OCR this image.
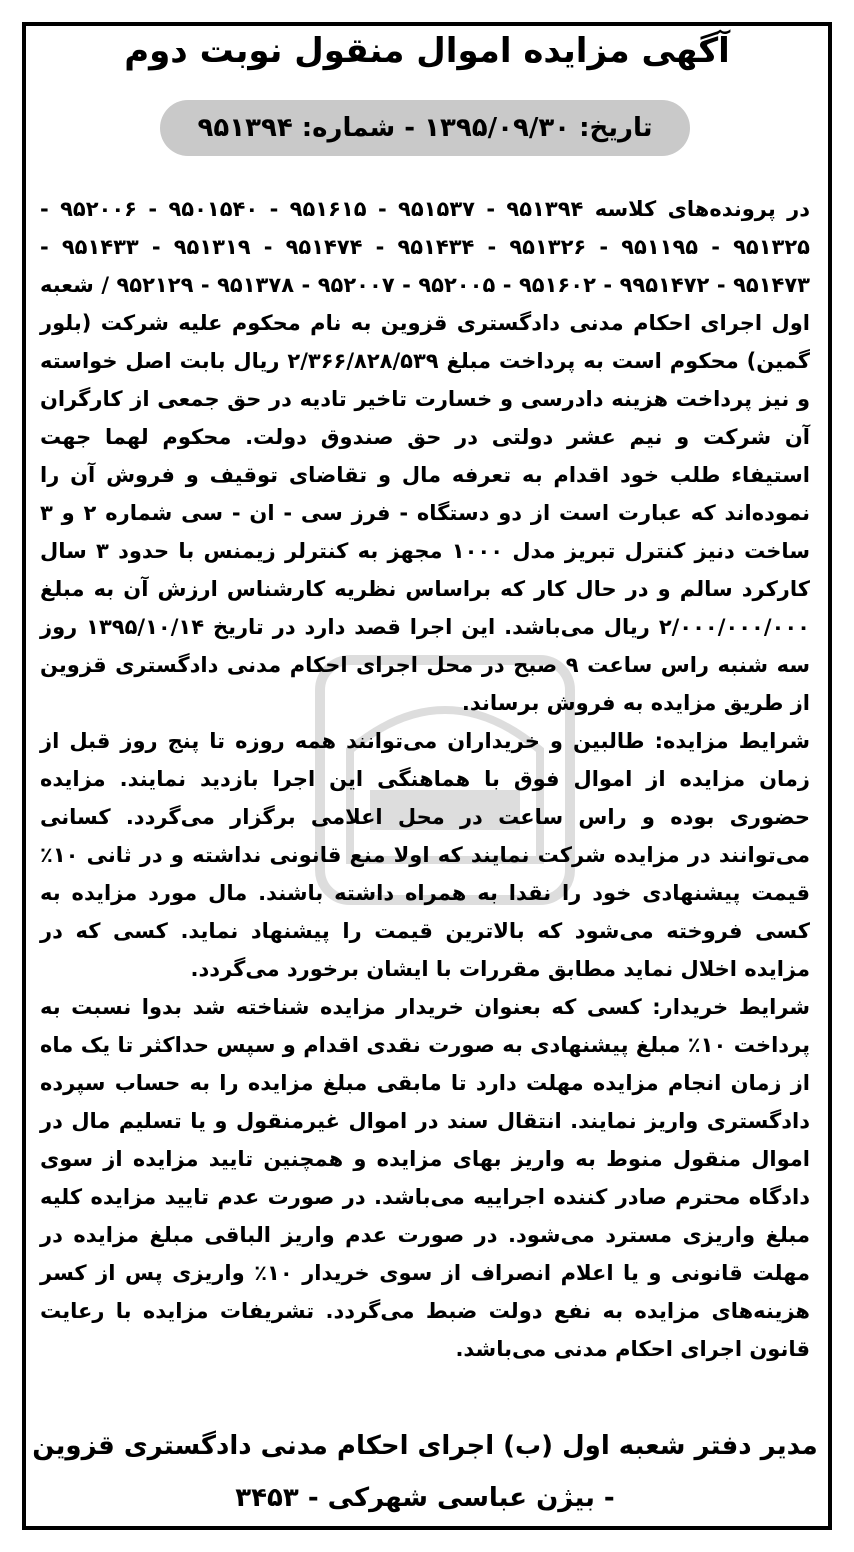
آگهی مزایده اموال منقول نوبت دوم
تاریخ: ۱۳۹۵/۰۹/۳۰ - شماره: ۹۵۱۳۹۴

در پرونده‌های کلاسه ۹۵۱۳۹۴ - ۹۵۱۵۳۷ - ۹۵۱۶۱۵ - ۹۵۰۱۵۴۰ - ۹۵۲۰۰۶ - ۹۵۱۳۲۵ - ۹۵۱۱۹۵ - ۹۵۱۳۲۶ - ۹۵۱۴۳۴ - ۹۵۱۴۷۴ - ۹۵۱۳۱۹ - ۹۵۱۴۳۳ - ۹۵۱۴۷۳ - ۹۹۵۱۴۷۲ - ۹۵۱۶۰۲ - ۹۵۲۰۰۵ - ۹۵۲۰۰۷ - ۹۵۱۳۷۸ - ۹۵۲۱۲۹ / شعبه اول اجرای احکام مدنی دادگستری قزوین به نام محکوم علیه شرکت (بلور گمین) محکوم است به پرداخت مبلغ ۲/۳۶۶/۸۲۸/۵۳۹ ریال بابت اصل خواسته و نیز پرداخت هزینه دادرسی و خسارت تاخیر تادیه در حق جمعی از کارگران آن شرکت و نیم عشر دولتی در حق صندوق دولت. محکوم لهما جهت استیفاء طلب خود اقدام به تعرفه مال و تقاضای توقیف و فروش آن را نموده‌اند که عبارت است از دو دستگاه - فرز سی - ان - سی شماره ۲ و ۳ ساخت دنیز کنترل تبریز مدل ۱۰۰۰ مجهز به کنترلر زیمنس با حدود ۳ سال کارکرد سالم و در حال کار که براساس نظریه کارشناس ارزش آن به مبلغ ۲/۰۰۰/۰۰۰/۰۰۰ ریال می‌باشد. این اجرا قصد دارد در تاریخ ۱۳۹۵/۱۰/۱۴ روز سه شنبه راس ساعت ۹ صبح در محل اجرای احکام مدنی دادگستری قزوین از طریق مزایده به فروش برساند.

شرایط مزایده: طالبین و خریداران می‌توانند همه روزه تا پنج روز قبل از زمان مزایده از اموال فوق با هماهنگی این اجرا بازدید نمایند. مزایده حضوری بوده و راس ساعت در محل اعلامی برگزار می‌گردد. کسانی می‌توانند در مزایده شرکت نمایند که اولا منع قانونی نداشته و در ثانی ۱۰٪ قیمت پیشنهادی خود را نقدا به همراه داشته باشند. مال مورد مزایده به کسی فروخته می‌شود که بالاترین قیمت را پیشنهاد نماید. کسی که در مزایده اخلال نماید مطابق مقررات با ایشان برخورد می‌گردد.

شرایط خریدار: کسی که بعنوان خریدار مزایده شناخته شد بدوا نسبت به پرداخت ۱۰٪ مبلغ پیشنهادی به صورت نقدی اقدام و سپس حداکثر تا یک ماه از زمان انجام مزایده مهلت دارد تا مابقی مبلغ مزایده را به حساب سپرده دادگستری واریز نمایند. انتقال سند در اموال غیرمنقول و یا تسلیم مال در اموال منقول منوط به واریز بهای مزایده و همچنین تایید مزایده از سوی دادگاه محترم صادر کننده اجراییه می‌باشد. در صورت عدم تایید مزایده کلیه مبلغ واریزی مسترد می‌شود. در صورت عدم واریز الباقی مبلغ مزایده در مهلت قانونی و یا اعلام انصراف از سوی خریدار ۱۰٪ واریزی پس از کسر هزینه‌های مزایده به نفع دولت ضبط می‌گردد. تشریفات مزایده با رعایت قانون اجرای احکام مدنی می‌باشد.

مدیر دفتر شعبه اول (ب) اجرای احکام مدنی دادگستری قزوین - بیژن عباسی شهرکی - ۳۴۵۳
